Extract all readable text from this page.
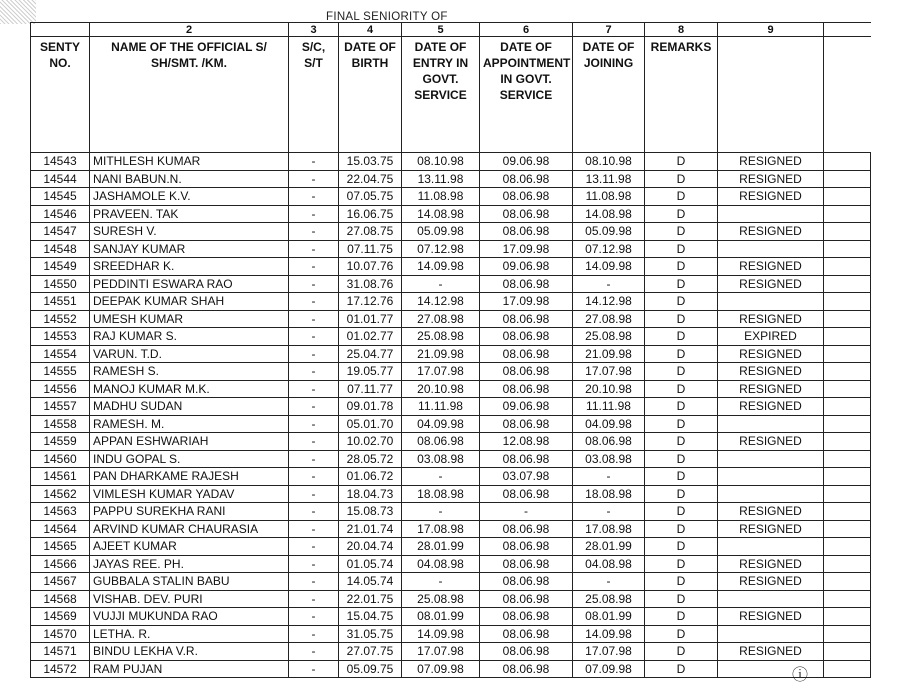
FINAL SENIORITY OF
	2	3	4	5	6	7	8	9	
SENTY NO.	NAME OF THE OFFICIAL S/ SH/SMT. /KM.	S/C, S/T	DATE OF BIRTH	DATE OF ENTRY IN GOVT. SERVICE	DATE OF APPOINTMENT IN GOVT. SERVICE	DATE OF JOINING	REMARKS		
14543	MITHLESH KUMAR	-	15.03.75	08.10.98	09.06.98	08.10.98	D	RESIGNED	
14544	NANI BABUN.N.	-	22.04.75	13.11.98	08.06.98	13.11.98	D	RESIGNED	
14545	JASHAMOLE K.V.	-	07.05.75	11.08.98	08.06.98	11.08.98	D	RESIGNED	
14546	PRAVEEN. TAK	-	16.06.75	14.08.98	08.06.98	14.08.98	D		
14547	SURESH V.	-	27.08.75	05.09.98	08.06.98	05.09.98	D	RESIGNED	
14548	SANJAY KUMAR	-	07.11.75	07.12.98	17.09.98	07.12.98	D		
14549	SREEDHAR K.	-	10.07.76	14.09.98	09.06.98	14.09.98	D	RESIGNED	
14550	PEDDINTI ESWARA RAO	-	31.08.76	-	08.06.98	-	D	RESIGNED	
14551	DEEPAK KUMAR SHAH	-	17.12.76	14.12.98	17.09.98	14.12.98	D		
14552	UMESH KUMAR	-	01.01.77	27.08.98	08.06.98	27.08.98	D	RESIGNED	
14553	RAJ KUMAR S.	-	01.02.77	25.08.98	08.06.98	25.08.98	D	EXPIRED	
14554	VARUN. T.D.	-	25.04.77	21.09.98	08.06.98	21.09.98	D	RESIGNED	
14555	RAMESH S.	-	19.05.77	17.07.98	08.06.98	17.07.98	D	RESIGNED	
14556	MANOJ KUMAR M.K.	-	07.11.77	20.10.98	08.06.98	20.10.98	D	RESIGNED	
14557	MADHU SUDAN	-	09.01.78	11.11.98	09.06.98	11.11.98	D	RESIGNED	
14558	RAMESH. M.	-	05.01.70	04.09.98	08.06.98	04.09.98	D		
14559	APPAN ESHWARIAH	-	10.02.70	08.06.98	12.08.98	08.06.98	D	RESIGNED	
14560	INDU GOPAL S.	-	28.05.72	03.08.98	08.06.98	03.08.98	D		
14561	PAN DHARKAME RAJESH	-	01.06.72	-	03.07.98	-	D		
14562	VIMLESH KUMAR YADAV	-	18.04.73	18.08.98	08.06.98	18.08.98	D		
14563	PAPPU SUREKHA RANI	-	15.08.73	-	-	-	D	RESIGNED	
14564	ARVIND KUMAR CHAURASIA	-	21.01.74	17.08.98	08.06.98	17.08.98	D	RESIGNED	
14565	AJEET KUMAR	-	20.04.74	28.01.99	08.06.98	28.01.99	D		
14566	JAYAS REE. PH.	-	01.05.74	04.08.98	08.06.98	04.08.98	D	RESIGNED	
14567	GUBBALA STALIN BABU	-	14.05.74	-	08.06.98	-	D	RESIGNED	
14568	VISHAB. DEV. PURI	-	22.01.75	25.08.98	08.06.98	25.08.98	D		
14569	VUJJI MUKUNDA RAO	-	15.04.75	08.01.99	08.06.98	08.01.99	D	RESIGNED	
14570	LETHA. R.	-	31.05.75	14.09.98	08.06.98	14.09.98	D		
14571	BINDU LEKHA V.R.	-	27.07.75	17.07.98	08.06.98	17.07.98	D	RESIGNED	
14572	RAM PUJAN	-	05.09.75	07.09.98	08.06.98	07.09.98	D			ⓘ
